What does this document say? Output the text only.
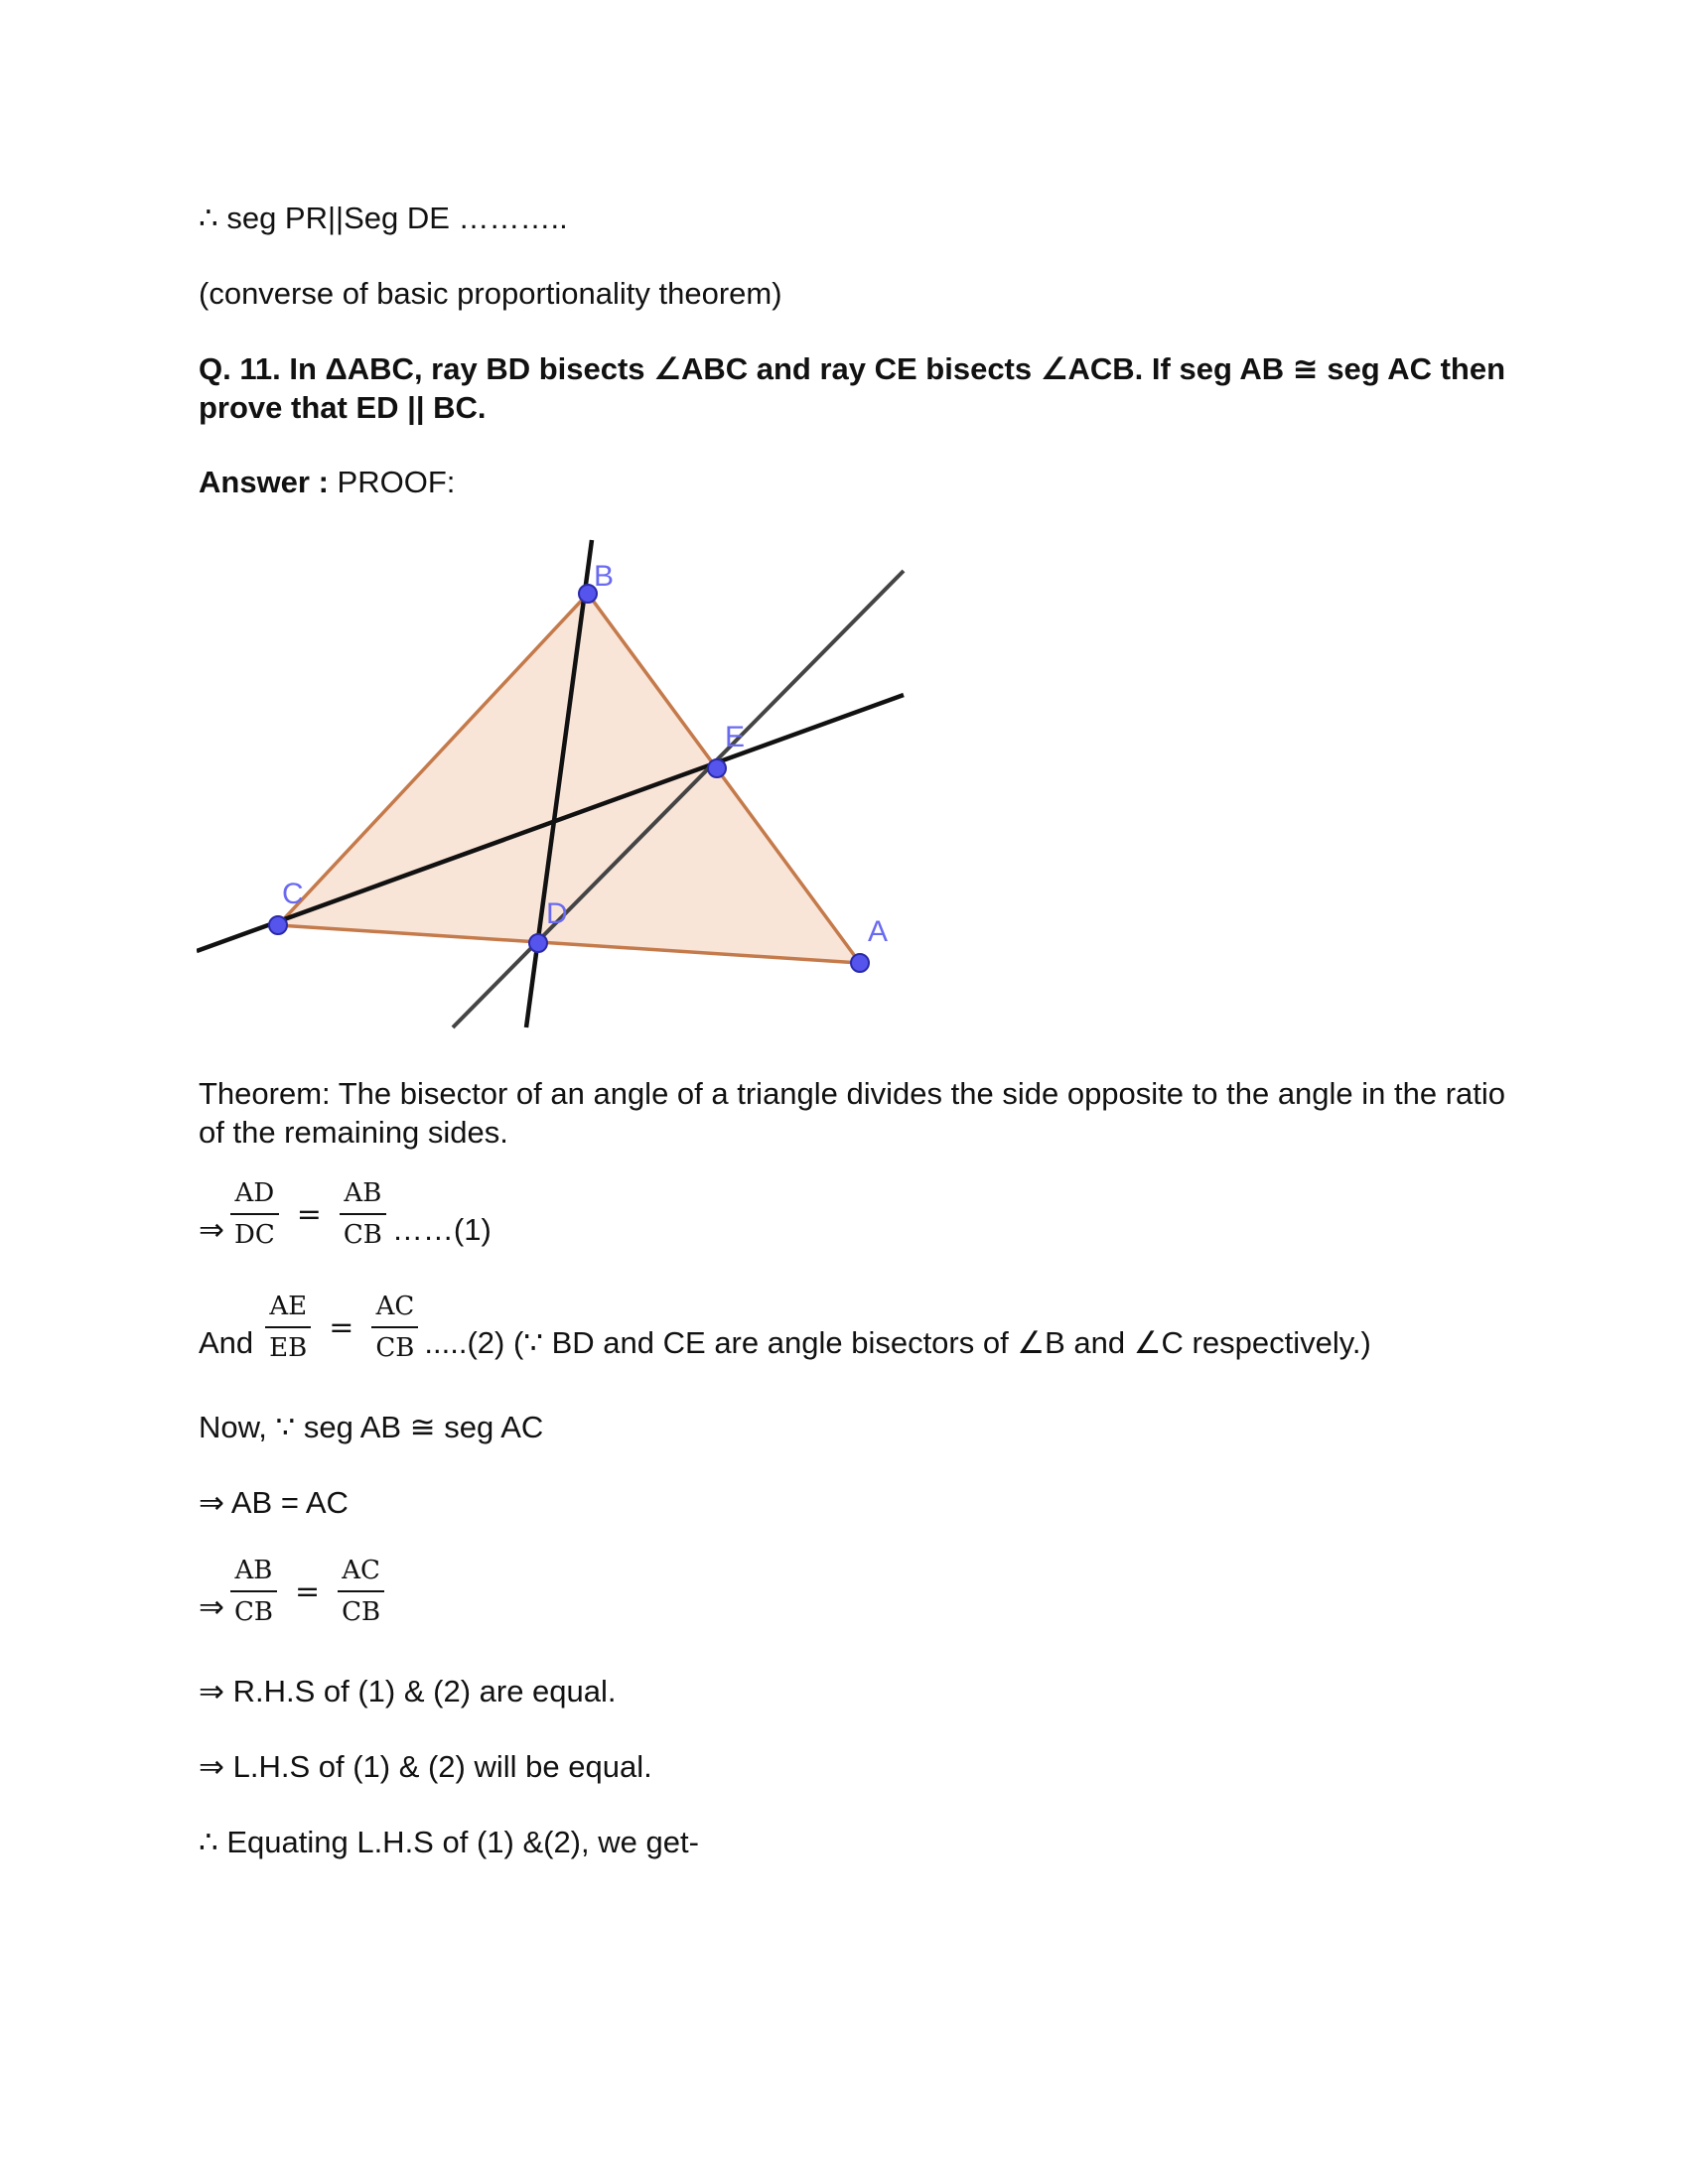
∴ seg PR||Seg DE ………..
(converse of basic proportionality theorem)
Q. 11. In ΔABC, ray BD bisects ∠ABC and ray CE bisects ∠ACB. If seg AB ≅ seg AC then prove that ED || BC.
Answer : PROOF:
B
E
C
D
A
Theorem: The bisector of an angle of a triangle divides the side opposite to the angle in the ratio of the remaining sides.
⇒ $\frac{AD}{DC} = \frac{AB}{CB}$ ……(1)
And $\frac{AE}{EB} = \frac{AC}{CB} .....(2)$ (∵ BD and CE are angle bisectors of ∠B and ∠C respectively.)
Now, ∵ seg AB ≅ seg AC
⇒ AB = AC
⇒ $\frac{AB}{CB} = \frac{AC}{CB}$
⇒ R.H.S of (1) & (2) are equal.
⇒ L.H.S of (1) & (2) will be equal.
∴ Equating L.H.S of (1) &(2), we get-
